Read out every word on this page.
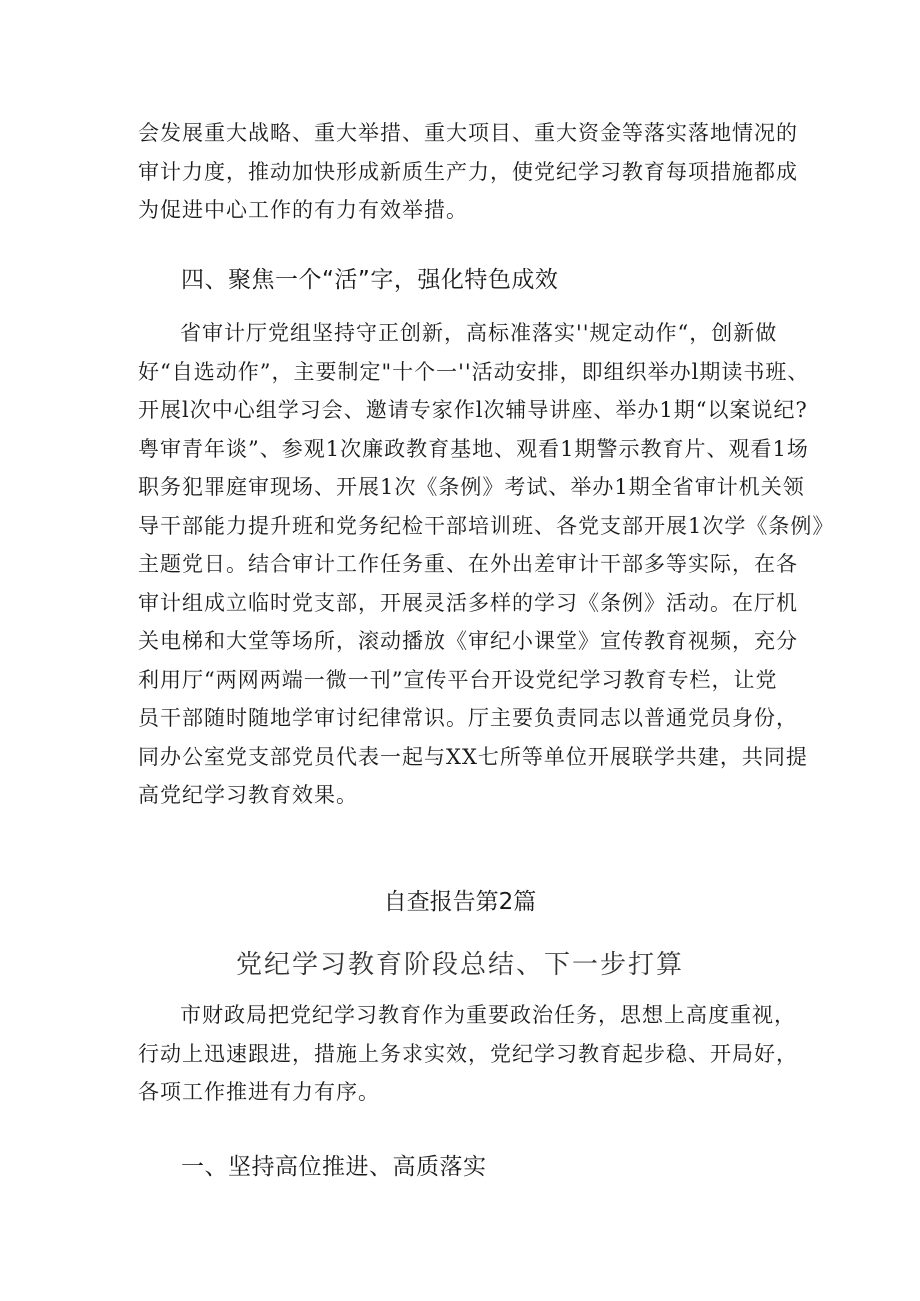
会发展重大战略、重大举措、重大项目、重大资金等落实落地情况的
审计力度，推动加快形成新质生产力，使党纪学习教育每项措施都成
为促进中心工作的有力有效举措。

四、聚焦一个“活”字，强化特色成效

省审计厅党组坚持守正创新，高标准落实''规定动作“，创新做
好“自选动作”，主要制定"十个一''活动安排，即组织举办l期读书班、
开展l次中心组学习会、邀请专家作l次辅导讲座、举办1期“以案说纪?
粤审青年谈”、参观1次廉政教育基地、观看1期警示教育片、观看1场
职务犯罪庭审现场、开展1次《条例》考试、举办1期全省审计机关领
导干部能力提升班和党务纪检干部培训班、各党支部开展1次学《条例》
主题党日。结合审计工作任务重、在外出差审计干部多等实际，在各
审计组成立临时党支部，开展灵活多样的学习《条例》活动。在厅机
关电梯和大堂等场所，滚动播放《审纪小课堂》宣传教育视频，充分
利用厅“两网两端一微一刊”宣传平台开设党纪学习教育专栏，让党
员干部随时随地学审讨纪律常识。厅主要负责同志以普通党员身份，
同办公室党支部党员代表一起与XX七所等单位开展联学共建，共同提
高党纪学习教育效果。

自查报告第2篇
党纪学习教育阶段总结、下一步打算

市财政局把党纪学习教育作为重要政治任务，思想上高度重视，
行动上迅速跟进，措施上务求实效，党纪学习教育起步稳、开局好，
各项工作推进有力有序。

一、坚持高位推进、高质落实
